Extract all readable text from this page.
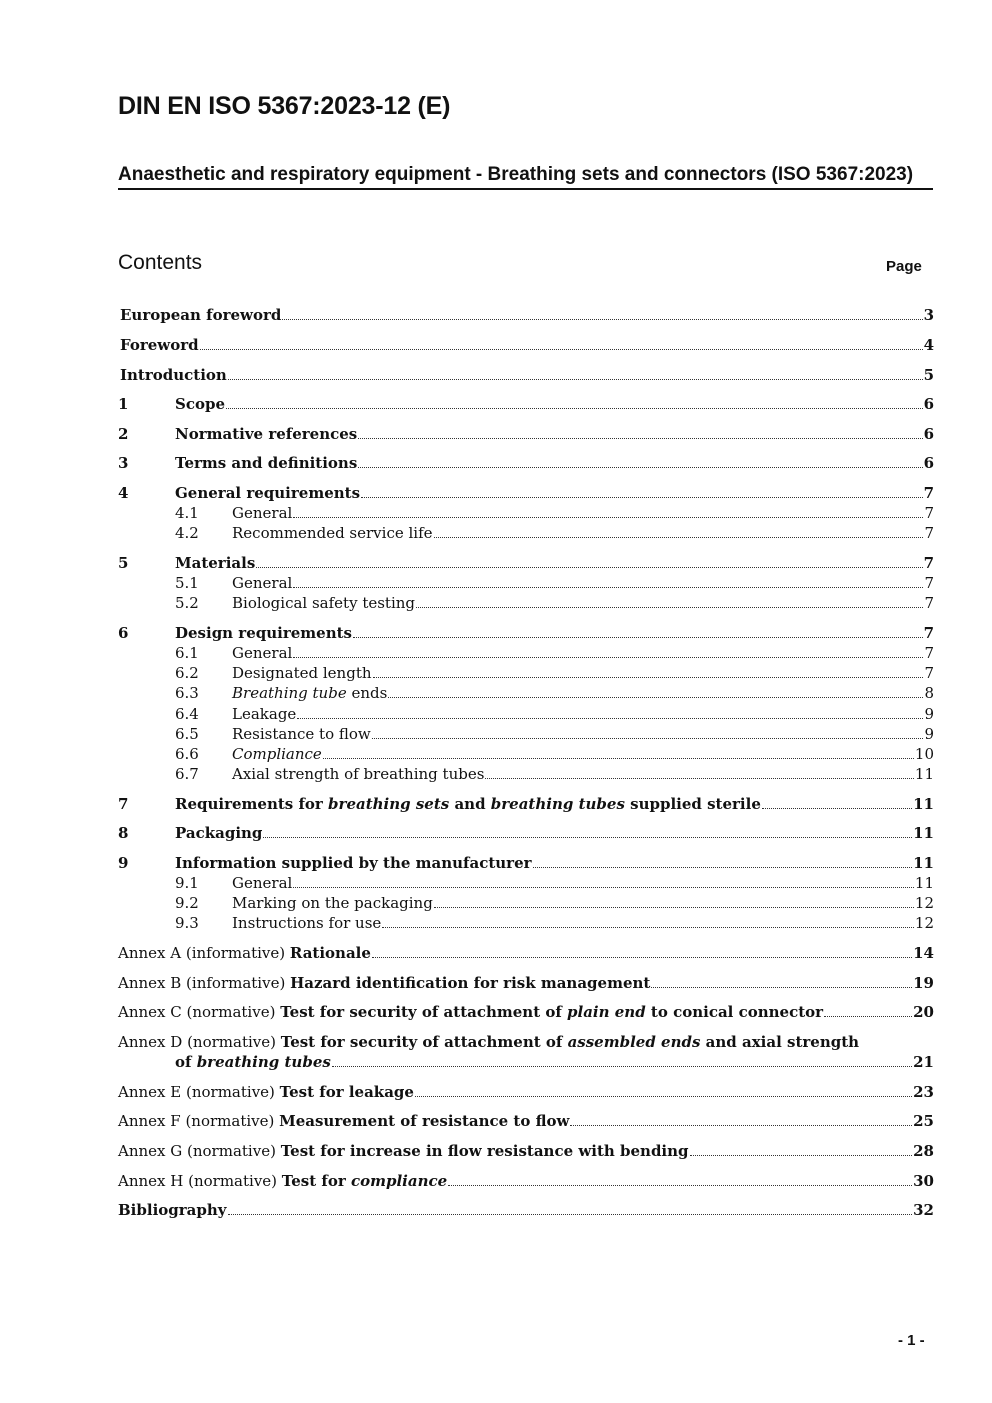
DIN EN ISO 5367:2023-12 (E)
Anaesthetic and respiratory equipment - Breathing sets and connectors (ISO 5367:2023)
Contents	Page
European foreword	3
Foreword	4
Introduction	5
1	Scope	6
2	Normative references	6
3	Terms and definitions	6
4	General requirements	7
4.1 General	7
4.2 Recommended service life	7
5	Materials	7
5.1 General	7
5.2 Biological safety testing	7
6	Design requirements	7
6.1 General	7
6.2 Designated length	7
6.3 Breathing tube ends	8
6.4 Leakage	9
6.5 Resistance to flow	9
6.6 Compliance	10
6.7 Axial strength of breathing tubes	11
7	Requirements for breathing sets and breathing tubes supplied sterile	11
8	Packaging	11
9	Information supplied by the manufacturer	11
9.1 General	11
9.2 Marking on the packaging	12
9.3 Instructions for use	12
Annex A (informative) Rationale	14
Annex B (informative) Hazard identification for risk management	19
Annex C (normative) Test for security of attachment of plain end to conical connector	20
Annex D (normative) Test for security of attachment of assembled ends and axial strength
of breathing tubes	21
Annex E (normative) Test for leakage	23
Annex F (normative) Measurement of resistance to flow	25
Annex G (normative) Test for increase in flow resistance with bending	28
Annex H (normative) Test for compliance	30
Bibliography	32
- 1 -
